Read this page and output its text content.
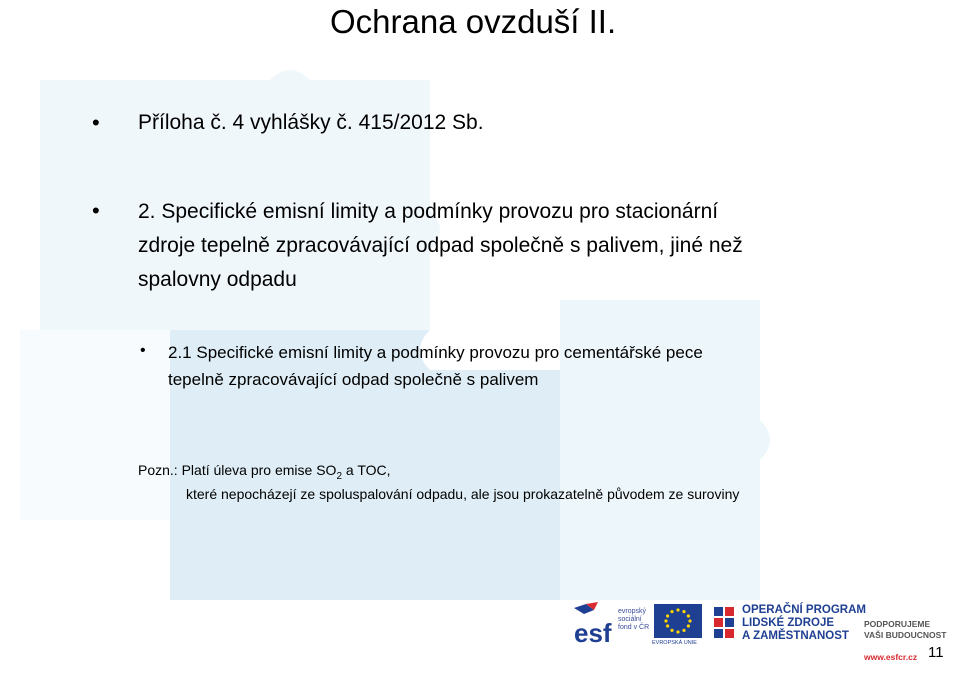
Ochrana ovzduší II.
• Příloha č. 4 vyhlášky č. 415/2012 Sb.
• 2. Specifické emisní limity a podmínky provozu pro stacionární
zdroje tepelně zpracovávající odpad společně s palivem, jiné než
spalovny odpadu
• 2.1 Specifické emisní limity a podmínky provozu pro cementářské pece
tepelně zpracovávající odpad společně s palivem
Pozn.: Platí úleva pro emise $SO_2$ a TOC,
které nepocházejí ze spoluspalování odpadu, ale jsou prokazatelně původem ze suroviny
esf
evropský
sociální
fond v ČR
EVROPSKÁ UNIE
OPERAČNÍ PROGRAM
LIDSKÉ ZDROJE
A ZAMĚSTNANOST

PODPORUJEME
VAŠI BUDOUCNOST

www.esfcr.cz 11
